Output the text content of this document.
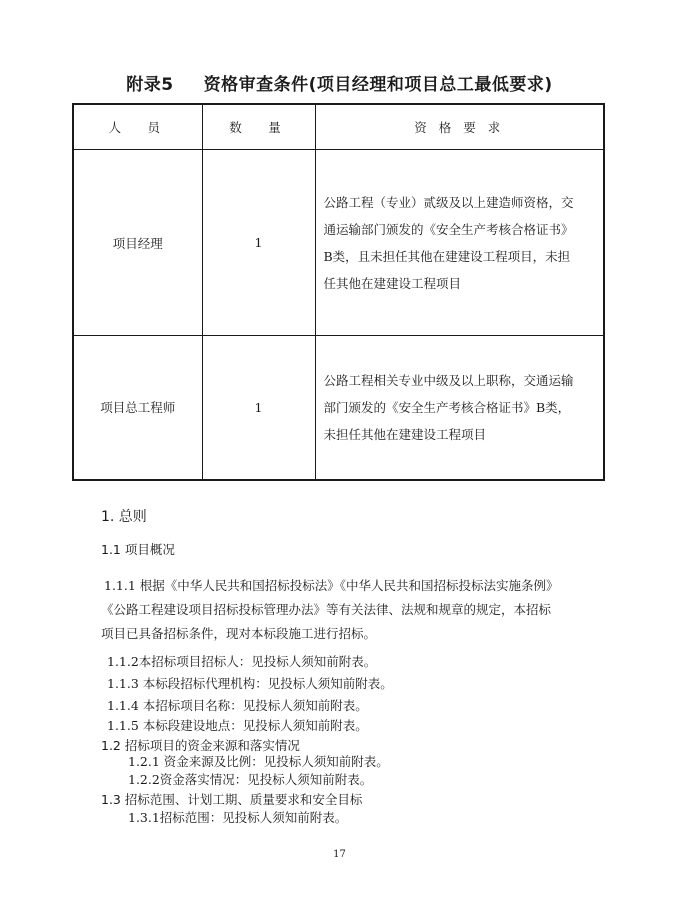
附录5 资格审查条件(项目经理和项目总工最低要求)
人　员	数　量	资 格 要 求
项目经理	1	公路工程（专业）贰级及以上建造师资格，交
通运输部门颁发的《安全生产考核合格证书》
B类，且未担任其他在建建设工程项目，未担
任其他在建建设工程项目

项目总工程师	1	公路工程相关专业中级及以上职称，交通运输
部门颁发的《安全生产考核合格证书》B类，
未担任其他在建建设工程项目
1. 总则
1.1 项目概况
1.1.1 根据《中华人民共和国招标投标法》《中华人民共和国招标投标法实施条例》
《公路工程建设项目招标投标管理办法》等有关法律、法规和规章的规定，本招标
项目已具备招标条件，现对本标段施工进行招标。
1.1.2本招标项目招标人：见投标人须知前附表。
1.1.3 本标段招标代理机构：见投标人须知前附表。
1.1.4 本招标项目名称：见投标人须知前附表。
1.1.5 本标段建设地点：见投标人须知前附表。
1.2 招标项目的资金来源和落实情况
1.2.1 资金来源及比例：见投标人须知前附表。
1.2.2资金落实情况：见投标人须知前附表。
1.3 招标范围、计划工期、质量要求和安全目标
1.3.1招标范围：见投标人须知前附表。
17
